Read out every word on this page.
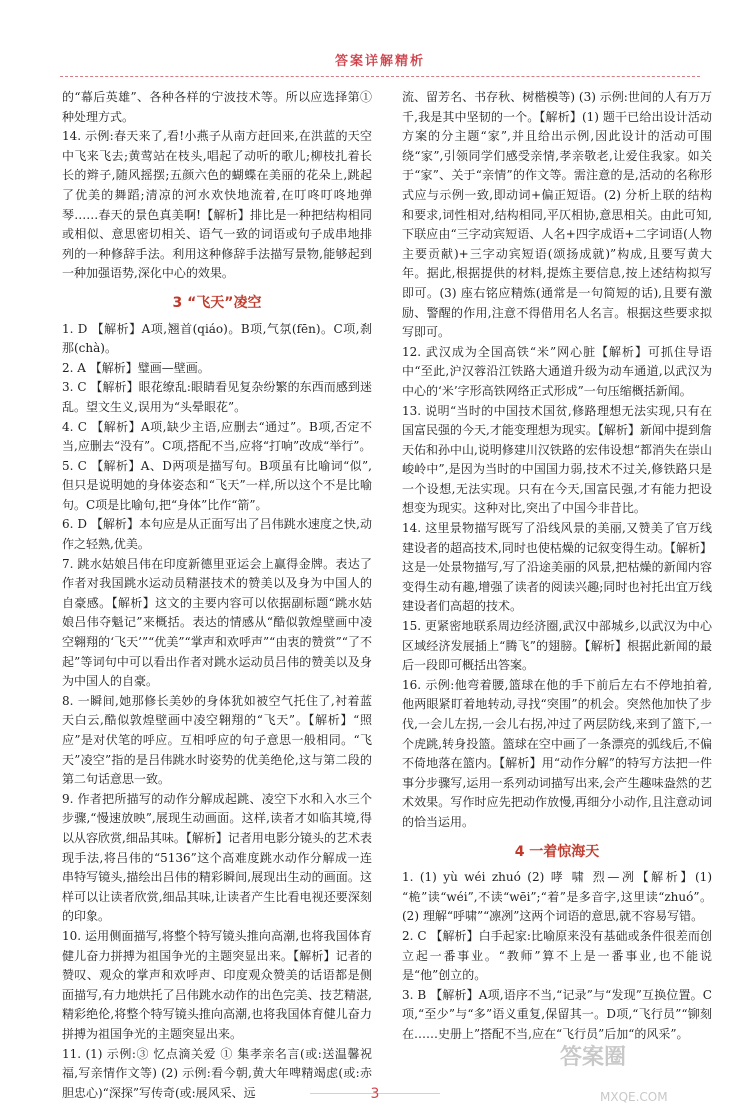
答案详解精析
的“幕后英雄”、各种各样的宁波技术等。所以应选择第①种处理方式。
14. 示例:春天来了,看!小燕子从南方赶回来,在洪蓝的天空中飞来飞去;黄莺站在枝头,唱起了动听的歌儿;柳枝扎着长长的辫子,随风摇摆;五颜六色的蝴蝶在美丽的花朵上,跳起了优美的舞蹈;清凉的河水欢快地流着,在叮咚叮咚地弹琴……春天的景色真美啊!【解析】排比是一种把结构相同或相似、意思密切相关、语气一致的词语或句子成串地排列的一种修辞手法。利用这种修辞手法描写景物,能够起到一种加强语势,深化中心的效果。
3 “飞天”凌空
1. D 【解析】A项,翘首(qiáo)。B项,气氛(fēn)。C项,刹那(chà)。
2. A 【解析】璧画—壁画。
3. C 【解析】眼花缭乱:眼睛看见复杂纷繁的东西而感到迷乱。望文生义,误用为“头晕眼花”。
4. C 【解析】A项,缺少主语,应删去“通过”。B项,否定不当,应删去“没有”。C项,搭配不当,应将“打响”改成“举行”。
5. C 【解析】A、D两项是描写句。B项虽有比喻词“似”,但只是说明她的身体姿态和“飞天”一样,所以这个不是比喻句。C项是比喻句,把“身体”比作“箭”。
6. D 【解析】本句应是从正面写出了吕伟跳水速度之快,动作之轻熟,优美。
7. 跳水姑娘吕伟在印度新德里亚运会上赢得金牌。表达了作者对我国跳水运动员精湛技术的赞美以及身为中国人的自豪感。【解析】这文的主要内容可以依据副标题“跳水姑娘吕伟夺魁记”来概括。表达的情感从“酷似敦煌壁画中凌空翱翔的‘飞天’”“优美”“掌声和欢呼声”“由衷的赞赏”“了不起”等词句中可以看出作者对跳水运动员吕伟的赞美以及身为中国人的自豪。
8. 一瞬间,她那修长美妙的身体犹如被空气托住了,衬着蓝天白云,酷似敦煌壁画中凌空翱翔的“飞天”。【解析】“照应”是对伏笔的呼应。互相呼应的句子意思一般相同。“飞天”凌空”指的是吕伟跳水时姿势的优美绝伦,这与第二段的第二句话意思一致。
9. 作者把所描写的动作分解成起跳、凌空下水和入水三个步骤,“慢速放映”,展现生动画面。这样,读者才如临其境,得以从容欣赏,细品其味。【解析】记者用电影分镜头的艺术表现手法,将吕伟的“5136”这个高难度跳水动作分解成一连串特写镜头,描绘出吕伟的精彩瞬间,展现出生动的画面。这样可以让读者欣赏,细品其味,让读者产生比看电视还要深刻的印象。
10. 运用侧面描写,将整个特写镜头推向高潮,也将我国体育健儿奋力拼搏为祖国争光的主题突显出来。【解析】记者的赞叹、观众的掌声和欢呼声、印度观众赞美的话语都是侧面描写,有力地烘托了吕伟跳水动作的出色完美、技艺精湛,精彩绝伦,将整个特写镜头推向高潮,也将我国体育健儿奋力拼搏为祖国争光的主题突显出来。
11. (1) 示例:③ 忆点滴关爱 ① 集孝亲名言(或:送温馨祝福,写亲情作文等) (2) 示例:看今朝,黄大年啤精竭虑(或:赤胆忠心)“深探”写传奇(或:展风采、远
流、留芳名、书存秋、树楷模等) (3) 示例:世间的人有万万千,我是其中坚韧的一个。【解析】(1) 题干已给出设计活动方案的分主题“家”,并且给出示例,因此设计的活动可围绕“家”,引领同学们感受亲情,孝亲敬老,让爱住我家。如关于“家”、关于“亲情”的作文等。需注意的是,活动的名称形式应与示例一致,即动词+偏正短语。(2) 分析上联的结构和要求,词性相对,结构相同,平仄相协,意思相关。由此可知,下联应由“三字动宾短语、人名+四字成语+二字词语(人物主要贡献)+三字动宾短语(颂扬成就)”构成,且要写黄大年。据此,根据提供的材料,提炼主要信息,按上述结构拟写即可。(3) 座右铭应精炼(通常是一句简短的话),且要有激励、警醒的作用,注意不得借用名人名言。根据这些要求拟写即可。
12. 武汉成为全国高铁“米”网心脏【解析】可抓住导语中“至此,沪汉蓉沿江铁路大通道升级为动车通道,以武汉为中心的‘米’字形高铁网络正式形成”一句压缩概括新闻。
13. 说明“当时的中国技术国贫,修路理想无法实现,只有在国富民强的今天,才能变理想为现实。【解析】新闻中提到詹天佑和孙中山,说明修建川汉铁路的宏伟设想“都消失在崇山峻岭中”,是因为当时的中国国力弱,技术不过关,修铁路只是一个设想,无法实现。只有在今天,国富民强,才有能力把设想变为现实。这种对比,突出了中国今非昔比。
14. 这里景物描写既写了沿线风景的美丽,又赞美了官万线建设者的超高技术,同时也使枯燥的记叙变得生动。【解析】这是一处景物描写,写了沿途美丽的风景,把枯燥的新闻内容变得生动有趣,增强了读者的阅读兴趣;同时也衬托出宜万线建设者们高超的技术。
15. 更紧密地联系周边经济圈,武汉中部城乡,以武汉为中心区域经济发展插上“腾飞”的翅膀。【解析】根据此新闻的最后一段即可概括出答案。
16. 示例:他弯着腰,篮球在他的手下前后左右不停地拍着,他两眼紧盯着地转动,寻找“突围”的机会。突然他加快了步伐,一会儿左拐,一会儿右拐,冲过了两层防线,来到了篮下,一个虎跳,转身投篮。篮球在空中画了一条漂亮的弧线后,不偏不倚地落在篮内。【解析】用“动作分解”的特写方法把一件事分步骤写,运用一系列动词描写出来,会产生趣味盎然的艺术效果。写作时应先把动作放慢,再细分小动作,且注意动词的恰当运用。
4 一着惊海天
1. (1) yù wéi zhuó (2) 哮 啸 烈—冽【解析】(1) “桅”读“wéi”,不读“wēi”;“着”是多音字,这里读“zhuó”。(2) 理解“呼啸”“凛冽”这两个词语的意思,就不容易写错。
2. C 【解析】白手起家:比喻原来没有基础或条件很差而创立起一番事业。“教师”算不上是一番事业,也不能说是“他”创立的。
3. B 【解析】A项,语序不当,“记录”与“发现”互换位置。C项,“至少”与“多”语义重复,保留其一。D项,“飞行员”“铆刻在……史册上”搭配不当,应在“飞行员”后加“的风采”。
3
答案圈
MXQE.COM
